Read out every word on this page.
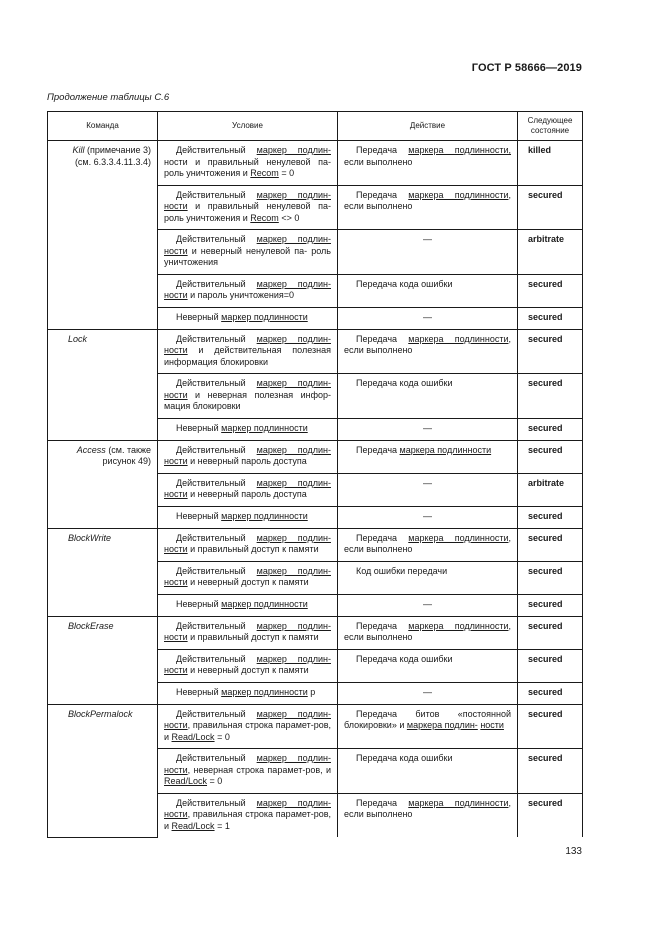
ГОСТ Р 58666—2019
Продолжение таблицы С.6
Команда	Условие	Действие	Следующее
состояние
Kill (примечание 3)
(см. 6.3.3.4.11.3.4)	Действительный маркер подлин- ности и правильный ненулевой па- роль уничтожения и Recom = 0	Передача маркера подлинности, если выполнено	killed
	Действительный маркер подлин- ности и правильный ненулевой па- роль уничтожения и Recom <> 0	Передача маркера подлинности, если выполнено	secured
	Действительный маркер подлин- ности и неверный ненулевой па- роль уничтожения	—	arbitrate
	Действительный маркер подлин- ности и пароль уничтожения=0	Передача кода ошибки	secured
	Неверный маркер подлинности	—	secured
Lock	Действительный маркер подлин- ности и действительная полезная информация блокировки	Передача маркера подлинности, если выполнено	secured
	Действительный маркер подлин- ности и неверная полезная инфор-мация блокировки	Передача кода ошибки	secured
	Неверный маркер подлинности	—	secured
Access (см. также
рисунок 49)	Действительный маркер подлин- ности и неверный пароль доступа	Передача маркера подлинности	secured
	Действительный маркер подлин- ности и неверный пароль доступа	—	arbitrate
	Неверный маркер подлинности	—	secured
BlockWrite	Действительный маркер подлин- ности и правильный доступ к памяти	Передача маркера подлинности, если выполнено	secured
	Действительный маркер подлин- ности и неверный доступ к памяти	Код ошибки передачи	secured
	Неверный маркер подлинности	—	secured
BlockErase	Действительный маркер подлин- ности и правильный доступ к памяти	Передача маркера подлинности, если выполнено	secured
	Действительный маркер подлин- ности и неверный доступ к памяти	Передача кода ошибки	secured
	Неверный маркер подлинности р	—	secured
BlockPermalock	Действительный маркер подлин- ности, правильная строка парамет-ров, и Read/Lock = 0	Передача битов «постоянной блокировки» и маркера подлин- ности	secured
	Действительный маркер подлин- ности, неверная строка парамет-ров, и Read/Lock = 0	Передача кода ошибки	secured
	Действительный маркер подлин- ности, правильная строка парамет-ров, и Read/Lock = 1	Передача маркера подлинности, если выполнено	secured
133
